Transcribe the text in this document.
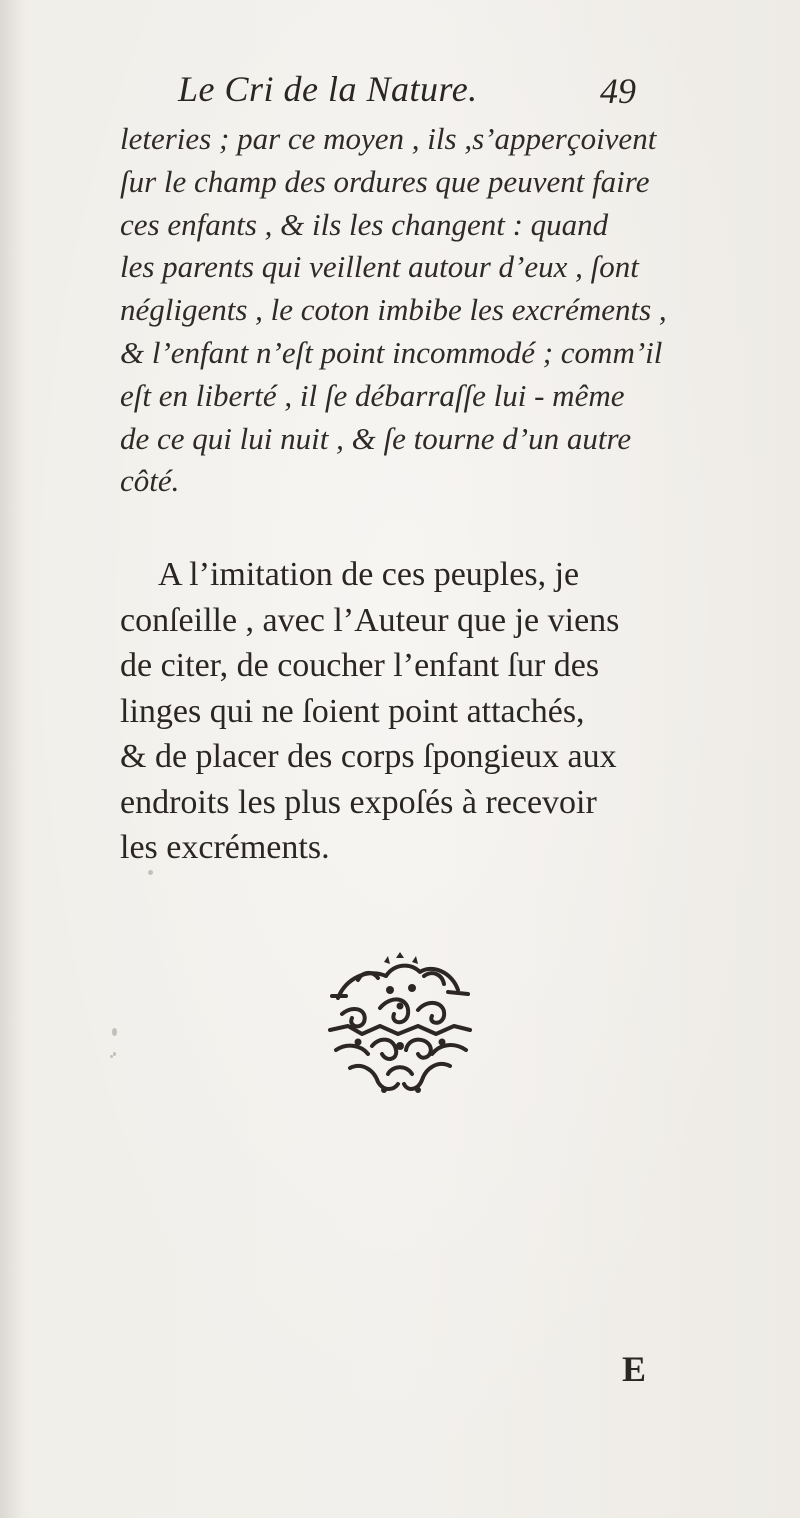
Le Cri de la Nature.	49
leteries ; par ce moyen , ils ,s’apperçoivent
ſur le champ des ordures que peuvent faire
ces enfants , & ils les changent : quand
les parents qui veillent autour d’eux , ſont
négligents , le coton imbibe les excréments ,
& l’enfant n’eſt point incommodé ; comm’il
eſt en liberté , il ſe débarraſſe lui - même
de ce qui lui nuit , & ſe tourne d’un autre
côté.
A l’imitation de ces peuples, je
conſeille , avec l’Auteur que je viens
de citer, de coucher l’enfant ſur des
linges qui ne ſoient point attachés,
& de placer des corps ſpongieux aux
endroits les plus expoſés à recevoir
les excréments.
E
